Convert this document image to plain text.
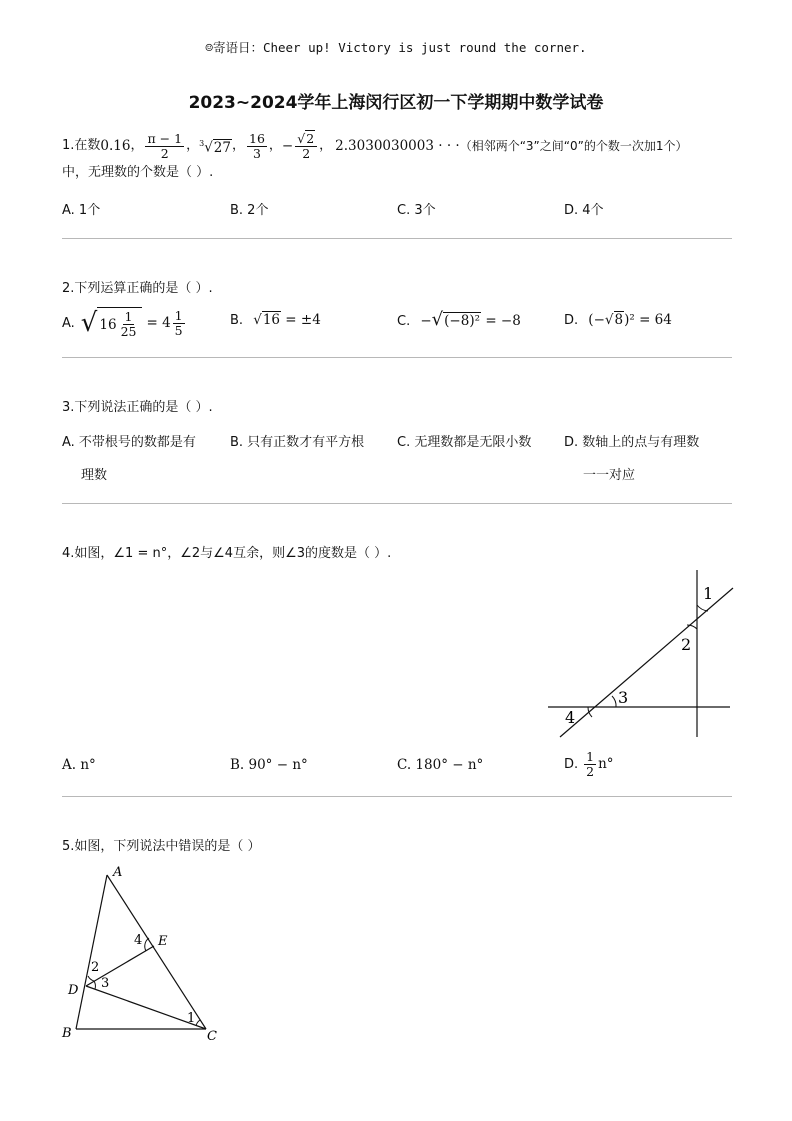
☺寄语日：Cheer up! Victory is just round the corner.
2023~2024学年上海闵行区初一下学期期中数学试卷
1.在数 0.16 ， $\frac{\pi - 1}{2}$ ， $^3$√27 ， $\frac{16}{3}$ ， − $\frac{√2}{2}$ ， 2.3030030003 · · · （相邻两个“3”之间“0”的个数一次加1个）
中，无理数的个数是（ ）.
A. 1个	B. 2个	C. 3个	D. 4个
2.下列运算正确的是（ ）.
A. √ $16 \frac{1}{25} = 4 \frac{1}{5}$	B. √16 = ±4	C. −√(−8)² = −8	D. (−√8)² = 64
3.下列说法正确的是（ ）.
A. 不带根号的数都是有
理数
B. 只有正数才有平方根	C. 无理数都是无限小数	D. 数轴上的点与有理数
一一对应
4.如图，∠1 = n°，∠2与∠4互余，则∠3的度数是（ ）.
1
2
3
4
A. n°	B. 90° − n°	C. 180° − n°	D. $\frac{1}{2} n^\circ$
5.如图，下列说法中错误的是（ ）
A
B	C
D
E
1
2
3
4
